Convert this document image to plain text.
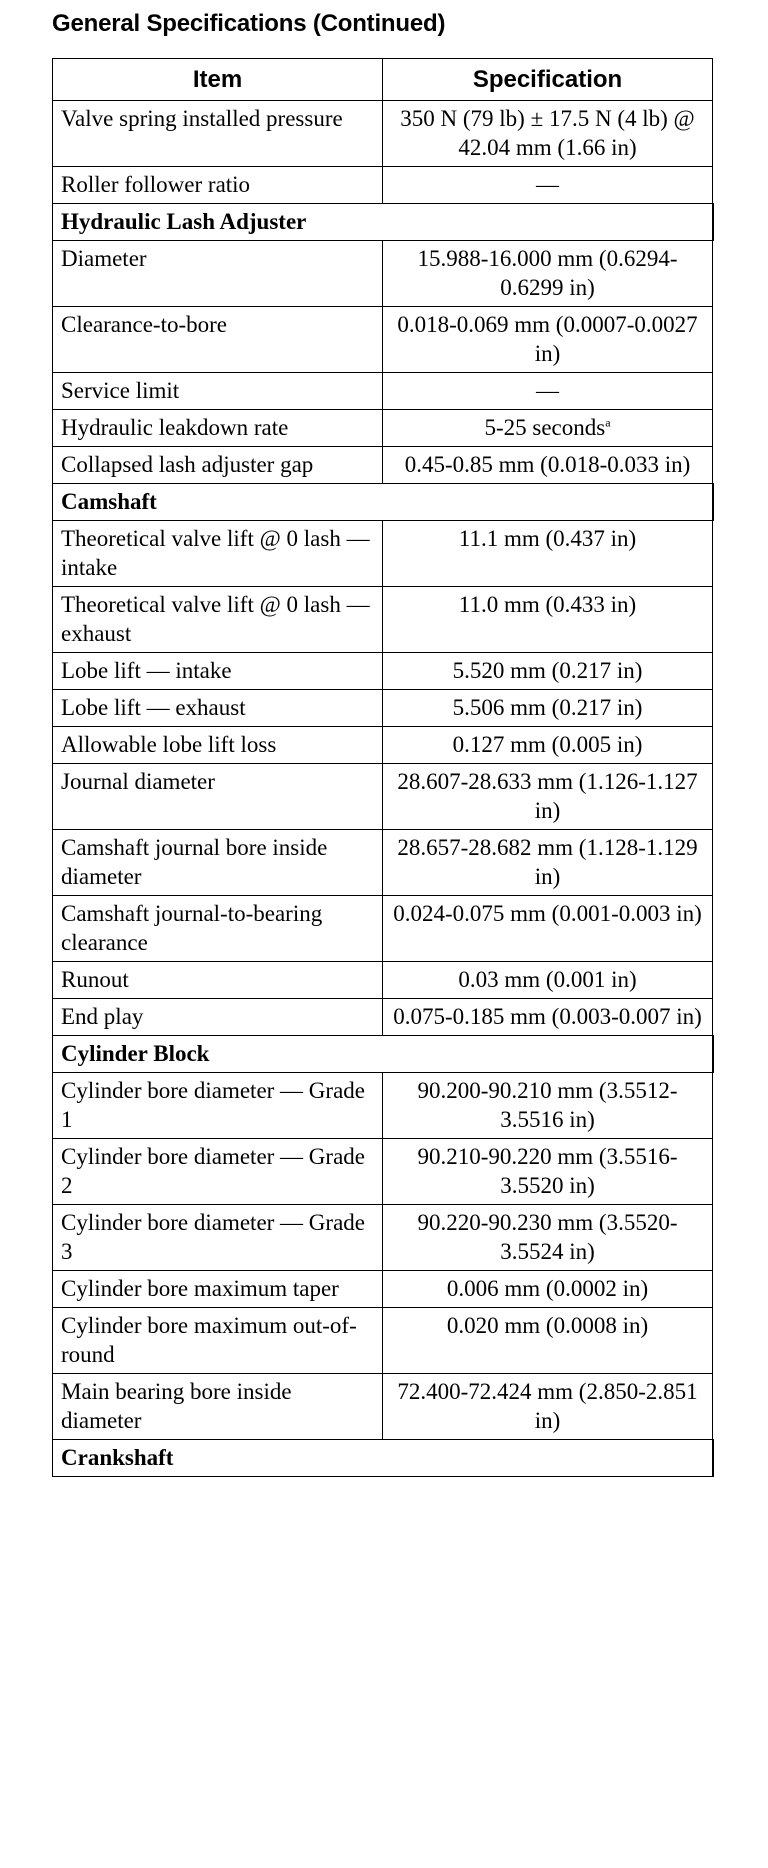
General Specifications (Continued)
Item	Specification
Valve spring installed pressure	350 N (79 lb) ± 17.5 N (4 lb) @ 42.04 mm (1.66 in)
Roller follower ratio	—
Hydraulic Lash Adjuster	
Diameter	15.988-16.000 mm (0.6294-0.6299 in)
Clearance-to-bore	0.018-0.069 mm (0.0007-0.0027 in)
Service limit	—
Hydraulic leakdown rate	5-25 seconds$^a$
Collapsed lash adjuster gap	0.45-0.85 mm (0.018-0.033 in)
Camshaft	
Theoretical valve lift @ 0 lash — intake	11.1 mm (0.437 in)
Theoretical valve lift @ 0 lash — exhaust	11.0 mm (0.433 in)
Lobe lift — intake	5.520 mm (0.217 in)
Lobe lift — exhaust	5.506 mm (0.217 in)
Allowable lobe lift loss	0.127 mm (0.005 in)
Journal diameter	28.607-28.633 mm (1.126-1.127 in)
Camshaft journal bore inside diameter	28.657-28.682 mm (1.128-1.129 in)
Camshaft journal-to-bearing clearance	0.024-0.075 mm (0.001-0.003 in)
Runout	0.03 mm (0.001 in)
End play	0.075-0.185 mm (0.003-0.007 in)
Cylinder Block	
Cylinder bore diameter — Grade 1	90.200-90.210 mm (3.5512-3.5516 in)
Cylinder bore diameter — Grade 2	90.210-90.220 mm (3.5516-3.5520 in)
Cylinder bore diameter — Grade 3	90.220-90.230 mm (3.5520-3.5524 in)
Cylinder bore maximum taper	0.006 mm (0.0002 in)
Cylinder bore maximum out-of-round	0.020 mm (0.0008 in)
Main bearing bore inside diameter	72.400-72.424 mm (2.850-2.851 in)
Crankshaft	
